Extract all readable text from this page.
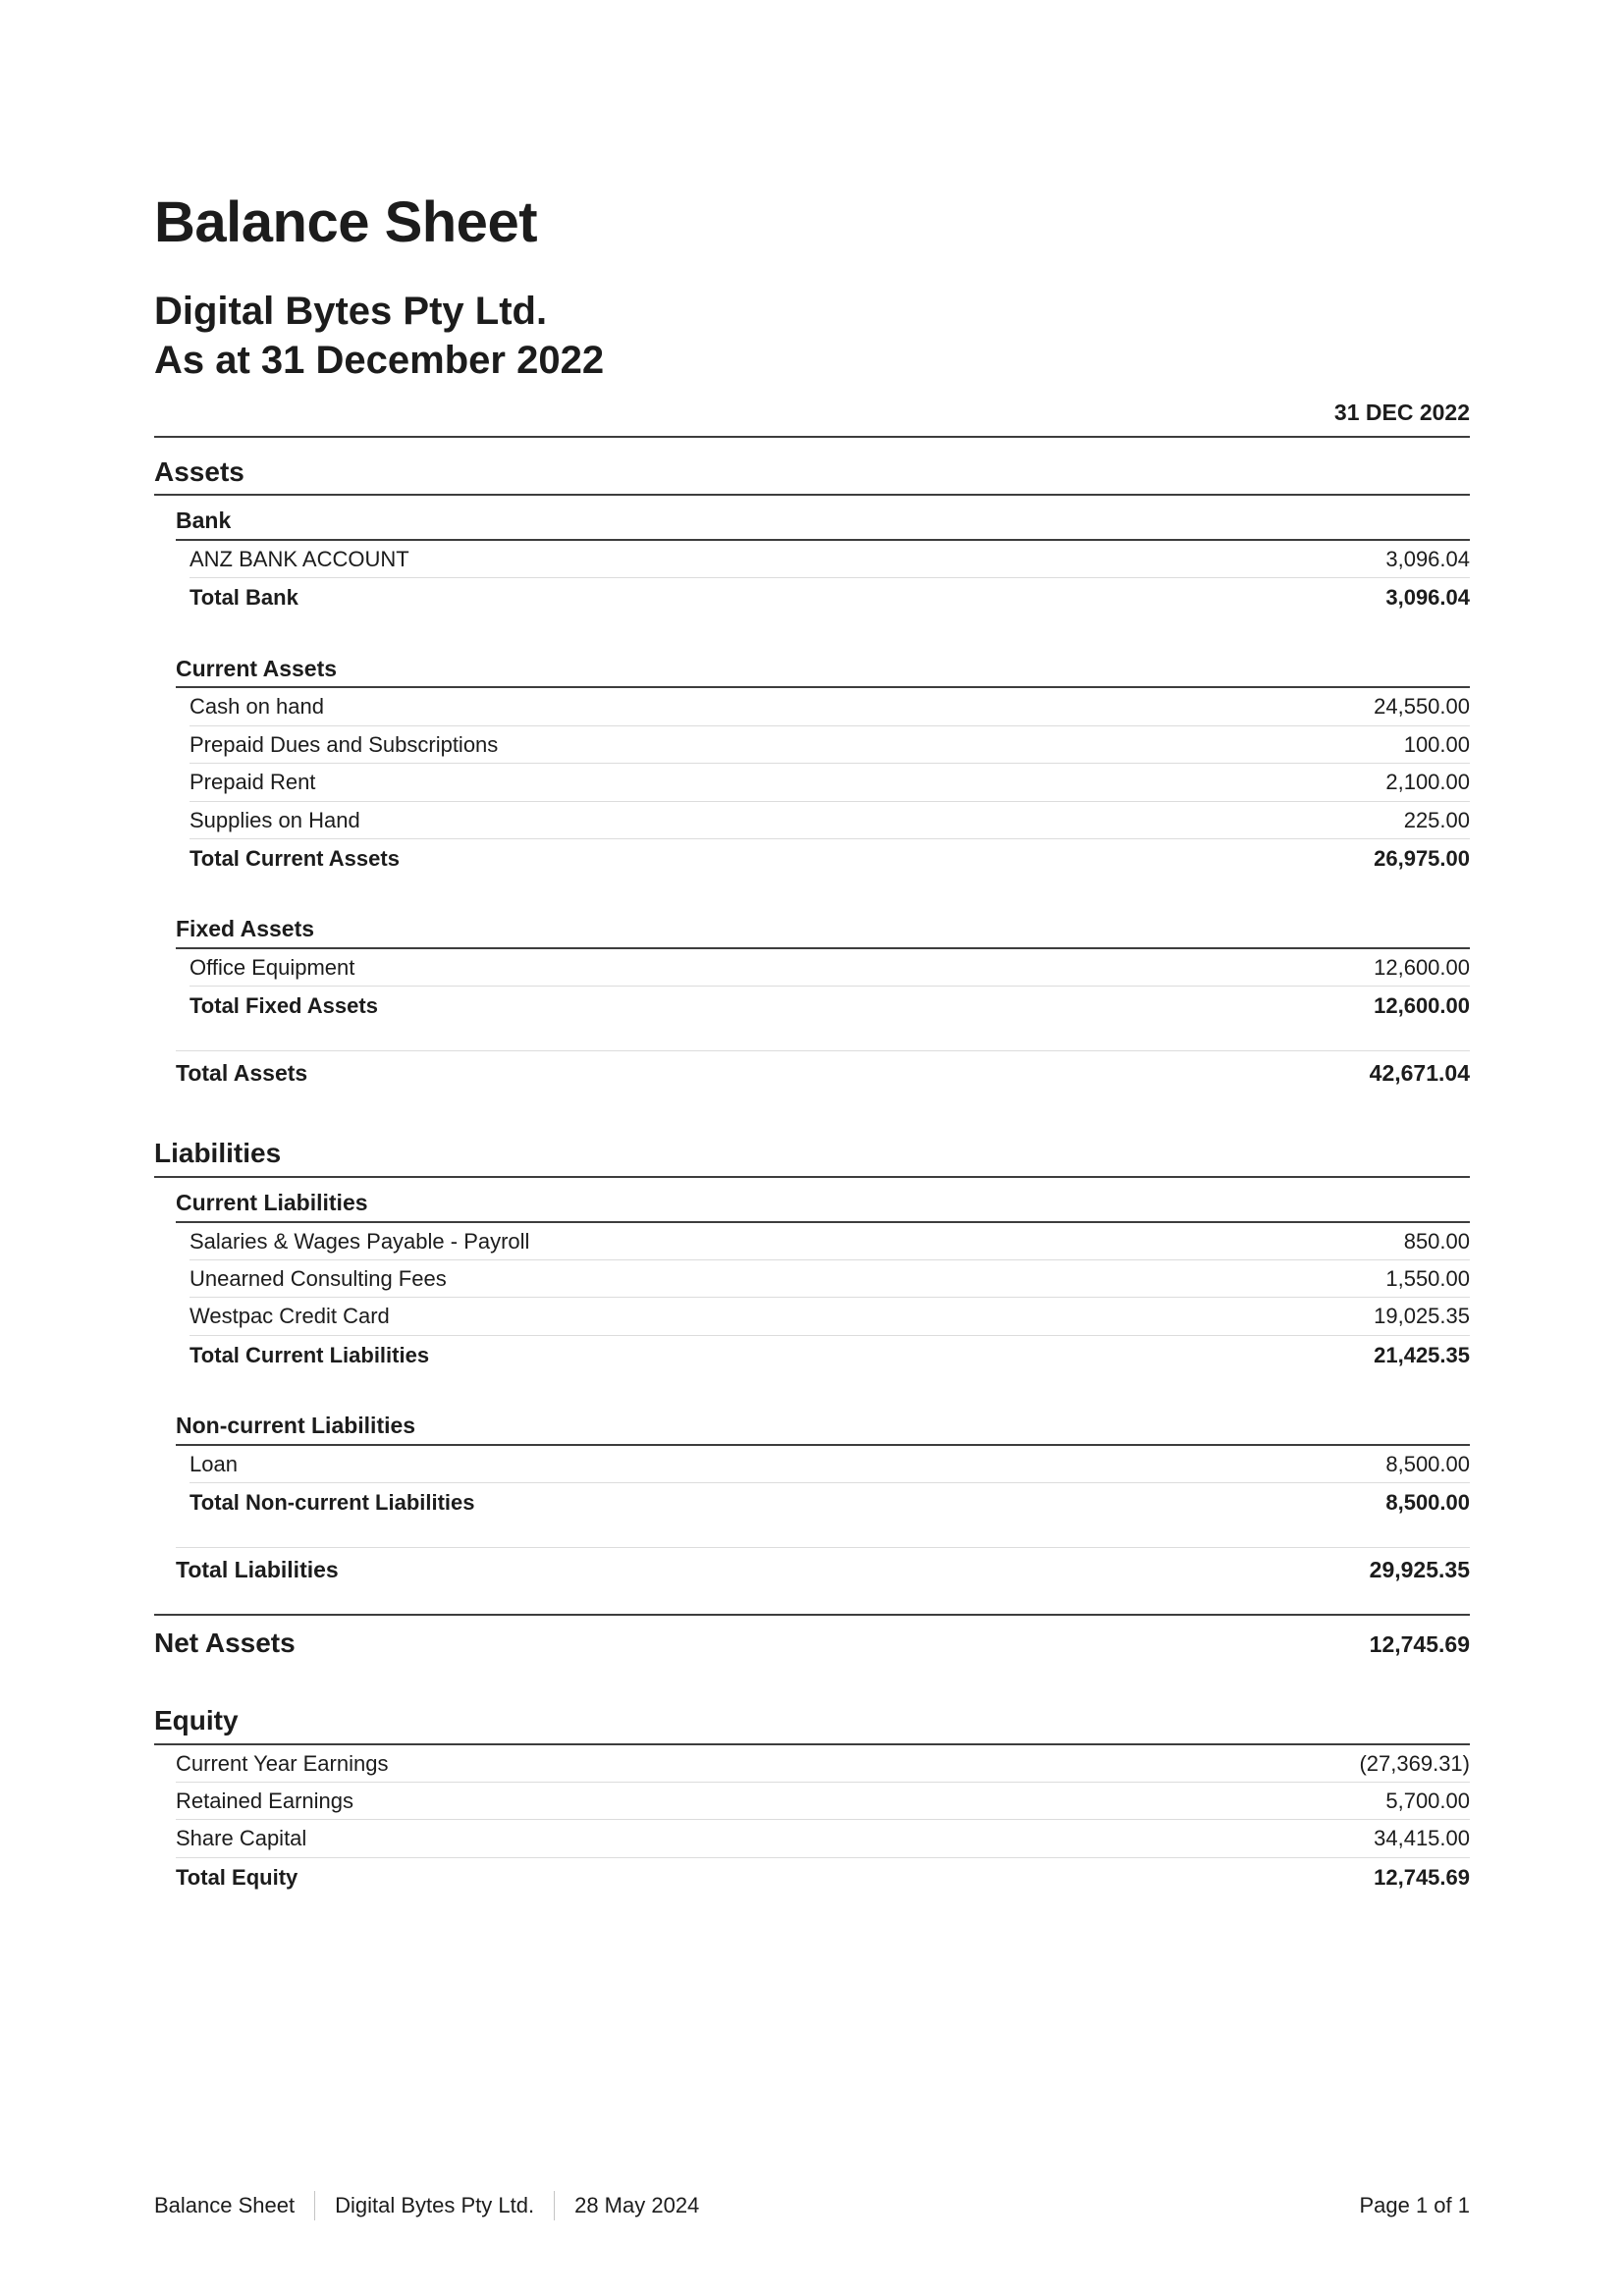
Balance Sheet
Digital Bytes Pty Ltd.
As at 31 December 2022
31 DEC 2022
Assets
Bank
ANZ BANK ACCOUNT	3,096.04
Total Bank	3,096.04
Current Assets
Cash on hand	24,550.00
Prepaid Dues and Subscriptions	100.00
Prepaid Rent	2,100.00
Supplies on Hand	225.00
Total Current Assets	26,975.00
Fixed Assets
Office Equipment	12,600.00
Total Fixed Assets	12,600.00
Total Assets	42,671.04
Liabilities
Current Liabilities
Salaries & Wages Payable - Payroll	850.00
Unearned Consulting Fees	1,550.00
Westpac Credit Card	19,025.35
Total Current Liabilities	21,425.35
Non-current Liabilities
Loan	8,500.00
Total Non-current Liabilities	8,500.00
Total Liabilities	29,925.35
Net Assets	12,745.69
Equity
Current Year Earnings	(27,369.31)
Retained Earnings	5,700.00
Share Capital	34,415.00
Total Equity	12,745.69
Balance Sheet Digital Bytes Pty Ltd. 28 May 2024	Page 1 of 1
